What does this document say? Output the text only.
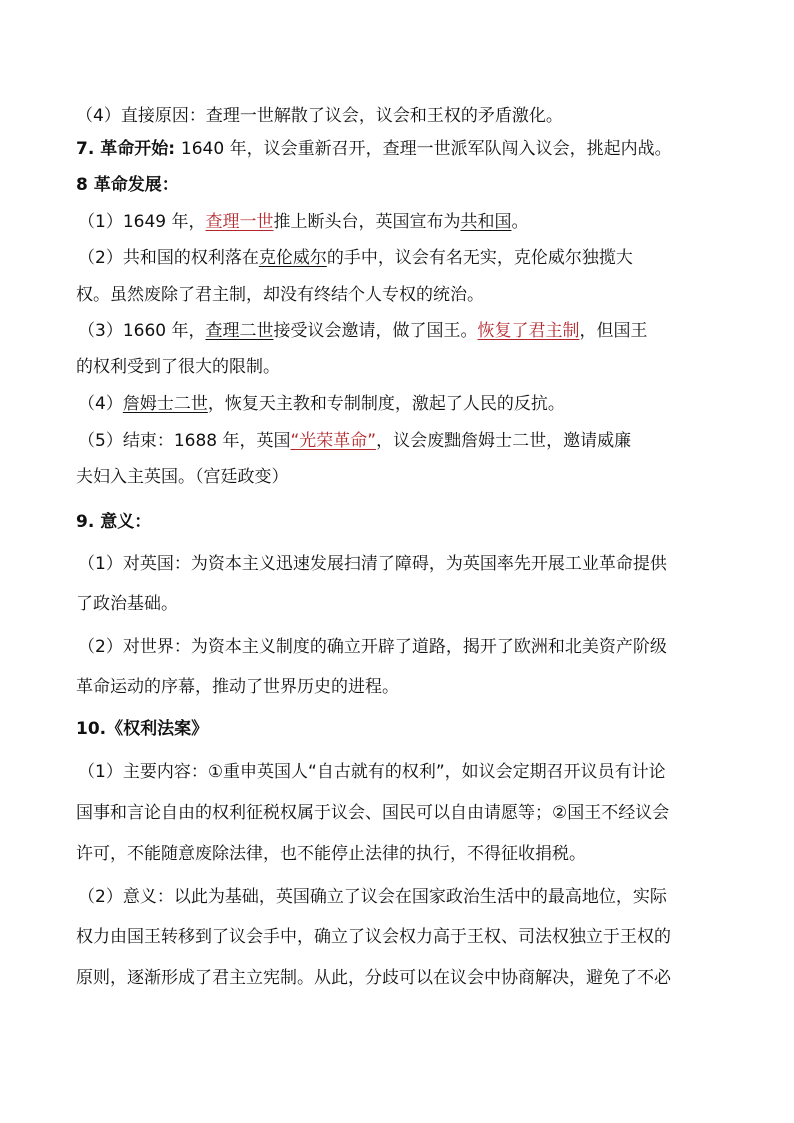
（4）直接原因：查理一世解散了议会，议会和王权的矛盾激化。
7. 革命开始: 1640 年，议会重新召开，查理一世派军队闯入议会，挑起内战。
8 革命发展：
（1）1649 年，查理一世推上断头台，英国宣布为共和国。
（2）共和国的权利落在克伦威尔的手中，议会有名无实，克伦威尔独揽大
权。虽然废除了君主制，却没有终结个人专权的统治。
（3）1660 年，查理二世接受议会邀请，做了国王。恢复了君主制，但国王
的权利受到了很大的限制。
（4）詹姆士二世，恢复天主教和专制制度，激起了人民的反抗。
（5）结束：1688 年，英国“光荣革命”，议会废黜詹姆士二世，邀请威廉
夫妇入主英国。（宫廷政变）
9. 意义：
（1）对英国：为资本主义迅速发展扫清了障碍，为英国率先开展工业革命提供
了政治基础。
（2）对世界：为资本主义制度的确立开辟了道路，揭开了欧洲和北美资产阶级
革命运动的序幕，推动了世界历史的进程。
10.《权利法案》
（1）主要内容：①重申英国人“自古就有的权利”，如议会定期召开议员有计论
国事和言论自由的权利征税权属于议会、国民可以自由请愿等；②国王不经议会
许可，不能随意废除法律，也不能停止法律的执行，不得征收捐税。
（2）意义：以此为基础，英国确立了议会在国家政治生活中的最高地位，实际
权力由国王转移到了议会手中，确立了议会权力高于王权、司法权独立于王权的
原则，逐渐形成了君主立宪制。从此，分歧可以在议会中协商解决，避免了不必
